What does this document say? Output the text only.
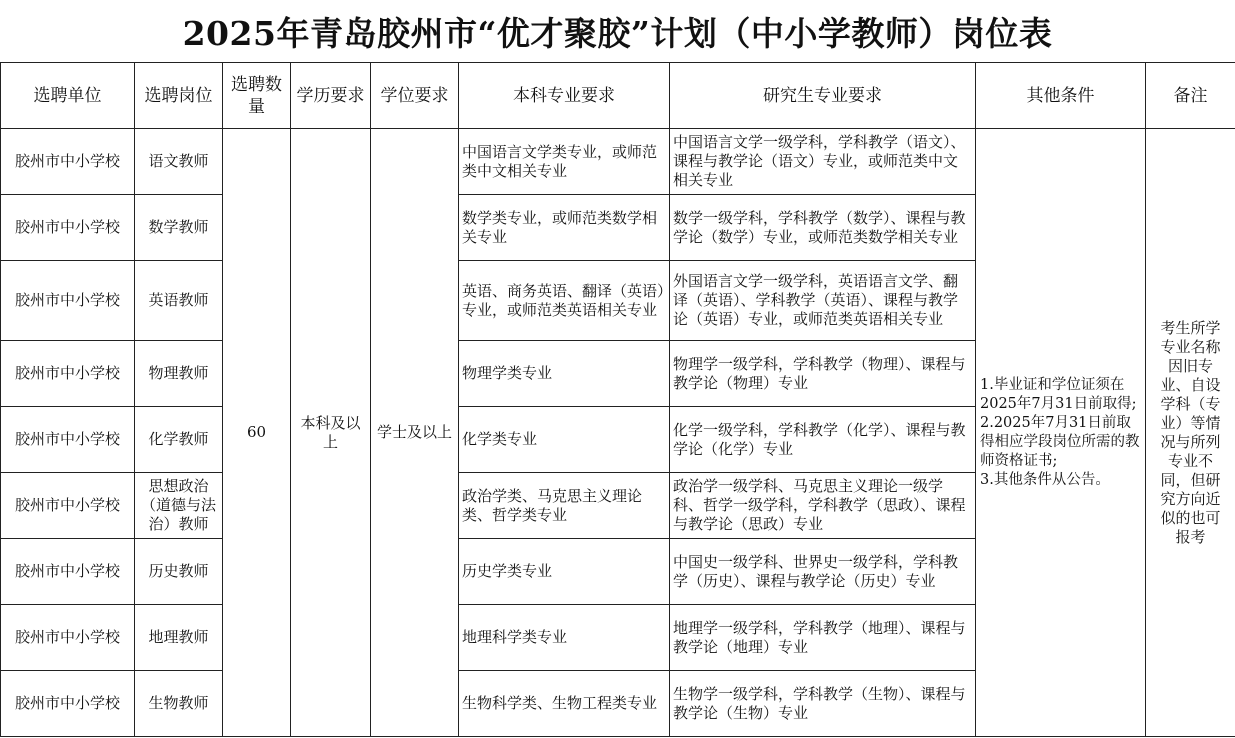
2025年青岛胶州市“优才聚胶”计划（中小学教师）岗位表
选聘单位	选聘岗位	选聘数量	学历要求	学位要求	本科专业要求	研究生专业要求	其他条件	备注
胶州市中小学校	语文教师	60	本科及以上	学士及以上	中国语言文学类专业，或师范类中文相关专业	中国语言文学一级学科，学科教学（语文）、课程与教学论（语文）专业，或师范类中文相关专业	1.毕业证和学位证须在2025年7月31日前取得;
2.2025年7月31日前取得相应学段岗位所需的教师资格证书;
3.其他条件从公告。	考生所学专业名称因旧专业、自设学科（专业）等情况与所列专业不同，但研究方向近似的也可报考
胶州市中小学校	数学教师				数学类专业，或师范类数学相关专业	数学一级学科，学科教学（数学）、课程与教学论（数学）专业，或师范类数学相关专业		
胶州市中小学校	英语教师				英语、商务英语、翻译（英语）专业，或师范类英语相关专业	外国语言文学一级学科，英语语言文学、翻译（英语）、学科教学（英语）、课程与教学论（英语）专业，或师范类英语相关专业		
胶州市中小学校	物理教师				物理学类专业	物理学一级学科，学科教学（物理）、课程与教学论（物理）专业		
胶州市中小学校	化学教师				化学类专业	化学一级学科，学科教学（化学）、课程与教学论（化学）专业		
胶州市中小学校	思想政治（道德与法治）教师				政治学类、马克思主义理论类、哲学类专业	政治学一级学科、马克思主义理论一级学科、哲学一级学科，学科教学（思政）、课程与教学论（思政）专业		
胶州市中小学校	历史教师				历史学类专业	中国史一级学科、世界史一级学科，学科教学（历史）、课程与教学论（历史）专业		
胶州市中小学校	地理教师				地理科学类专业	地理学一级学科，学科教学（地理）、课程与教学论（地理）专业		
胶州市中小学校	生物教师				生物科学类、生物工程类专业	生物学一级学科，学科教学（生物）、课程与教学论（生物）专业		
